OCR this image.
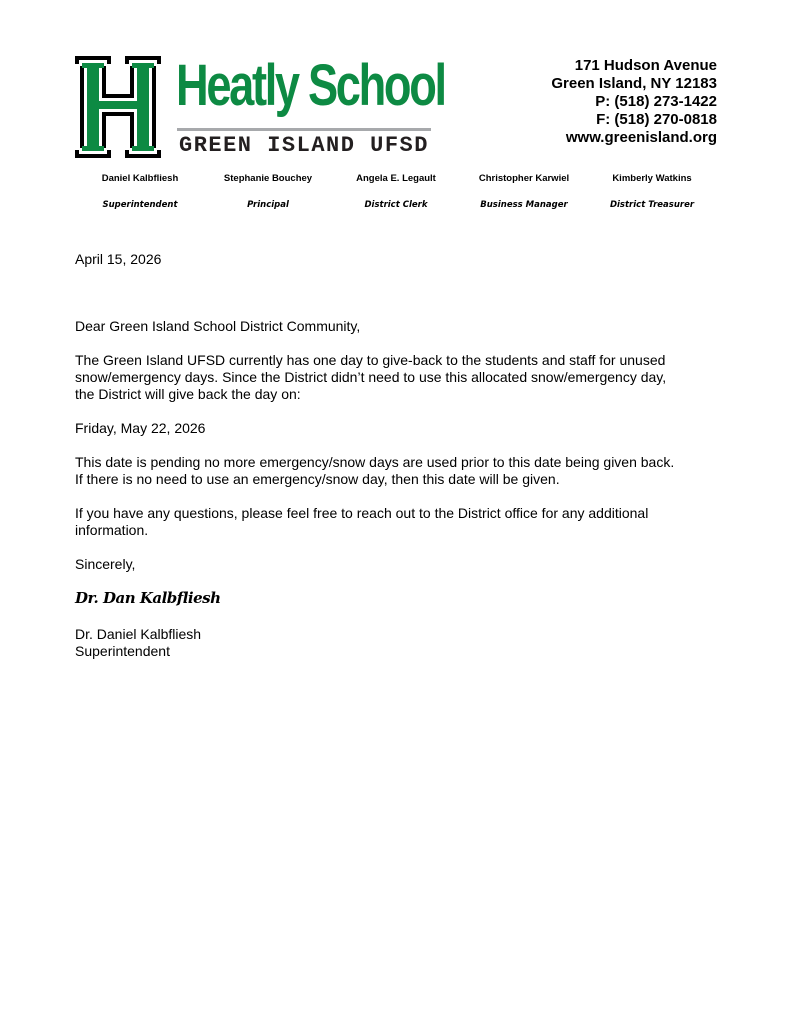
Heatly School
GREEN ISLAND UFSD
171 Hudson Avenue
Green Island, NY 12183
P: (518) 273-1422
F: (518) 270-0818
www.greenisland.org
Daniel Kalbfliesh
Superintendent
Stephanie Bouchey
Principal
Angela E. Legault
District Clerk
Christopher Karwiel
Business Manager
Kimberly Watkins
District Treasurer

April 15, 2026

Dear Green Island School District Community,

The Green Island UFSD currently has one day to give-back to the students and staff for unused snow/emergency days. Since the District didn’t need to use this allocated snow/emergency day, the District will give back the day on:

Friday, May 22, 2026

This date is pending no more emergency/snow days are used prior to this date being given back. If there is no need to use an emergency/snow day, then this date will be given.

If you have any questions, please feel free to reach out to the District office for any additional information.

Sincerely,

Dr. Dan Kalbfliesh

Dr. Daniel Kalbfliesh

Superintendent
